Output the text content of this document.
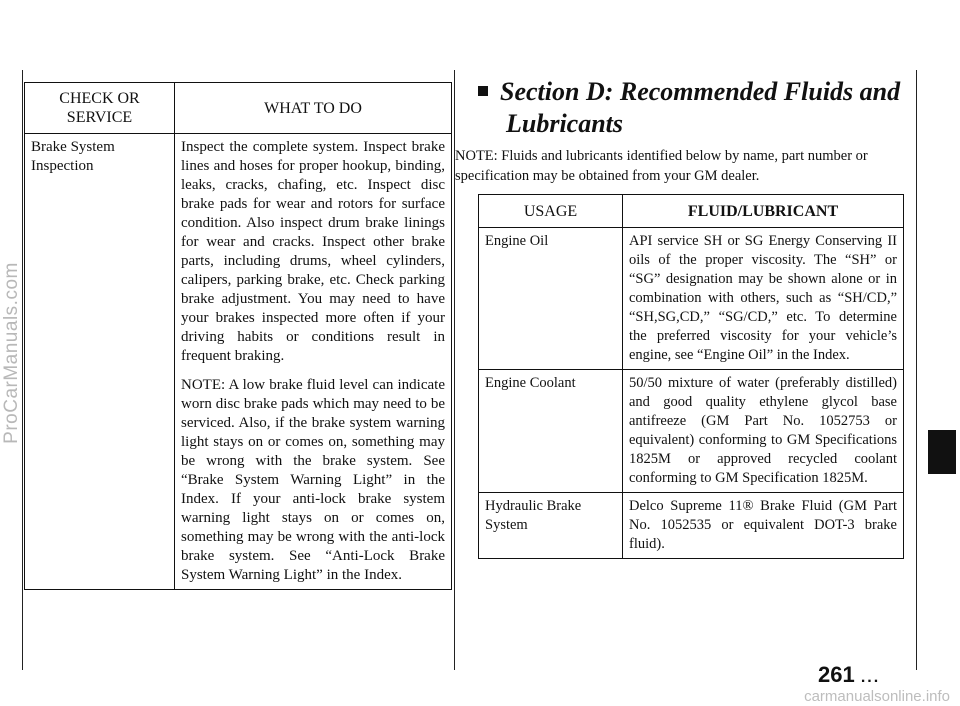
ProCarManuals.com
CHECK OR SERVICE	WHAT TO DO
Brake System Inspection	Inspect the complete system. Inspect brake lines and hoses for proper hookup, binding, leaks, cracks, chafing, etc. Inspect disc brake pads for wear and rotors for surface condition. Also inspect drum brake linings for wear and cracks. Inspect other brake parts, including drums, wheel cylinders, calipers, parking brake, etc. Check parking brake adjustment. You may need to have your brakes inspected more often if your driving habits or conditions result in frequent braking.
NOTE: A low brake fluid level can indicate worn disc brake pads which may need to be serviced. Also, if the brake system warning light stays on or comes on, something may be wrong with the brake system. See “Brake System Warning Light” in the Index. If your anti-lock brake system warning light stays on or comes on, something may be wrong with the anti-lock brake system. See “Anti-Lock Brake System Warning Light” in the Index.
Section D: Recommended Fluids and
Lubricants
NOTE: Fluids and lubricants identified below by name, part number or specification may be obtained from your GM dealer.
USAGE	FLUID/LUBRICANT
Engine Oil	API service SH or SG Energy Conserving II oils of the proper viscosity. The “SH” or “SG” designation may be shown alone or in combination with others, such as “SH/CD,” “SH,SG,CD,” “SG/CD,” etc. To determine the preferred viscosity for your vehicle’s engine, see “Engine Oil” in the Index.
Engine Coolant	50/50 mixture of water (preferably distilled) and good quality ethylene glycol base antifreeze (GM Part No. 1052753 or equivalent) conforming to GM Specifications 1825M or approved recycled coolant conforming to GM Specification 1825M.
Hydraulic Brake System	Delco Supreme 11® Brake Fluid (GM Part No. 1052535 or equivalent DOT-3 brake fluid).
261 ...
carmanualsonline.info
